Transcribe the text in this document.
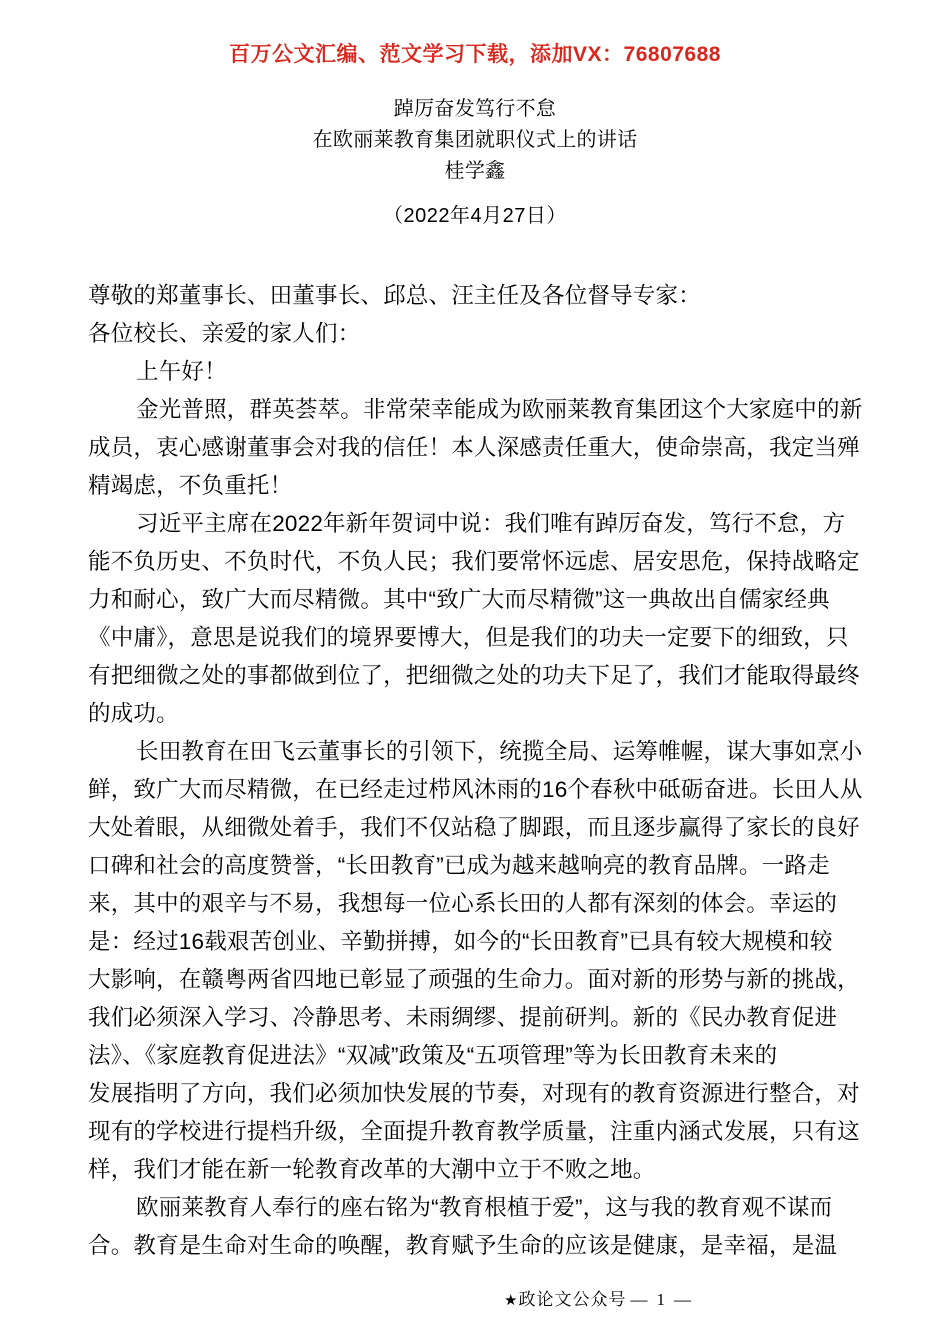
百万公文汇编、范文学习下载，添加VX：76807688
踔厉奋发笃行不怠
在欧丽莱教育集团就职仪式上的讲话
桂学鑫
（2022年4月27日）
尊敬的郑董事长、田董事长、邱总、汪主任及各位督导专家：
各位校长、亲爱的家人们：
上午好！
金光普照，群英荟萃。非常荣幸能成为欧丽莱教育集团这个大家庭中的新
成员，衷心感谢董事会对我的信任！本人深感责任重大，使命崇高，我定当殚
精竭虑，不负重托！
习近平主席在2022年新年贺词中说：我们唯有踔厉奋发，笃行不怠，方
能不负历史、不负时代，不负人民；我们要常怀远虑、居安思危，保持战略定
力和耐心，致广大而尽精微。其中“致广大而尽精微”这一典故出自儒家经典
《中庸》，意思是说我们的境界要博大，但是我们的功夫一定要下的细致，只
有把细微之处的事都做到位了，把细微之处的功夫下足了，我们才能取得最终
的成功。
长田教育在田飞云董事长的引领下，统揽全局、运筹帷幄，谋大事如烹小
鲜，致广大而尽精微，在已经走过栉风沐雨的16个春秋中砥砺奋进。长田人从
大处着眼，从细微处着手，我们不仅站稳了脚跟，而且逐步赢得了家长的良好
口碑和社会的高度赞誉，“长田教育”已成为越来越响亮的教育品牌。一路走
来，其中的艰辛与不易，我想每一位心系长田的人都有深刻的体会。幸运的
是：经过16载艰苦创业、辛勤拼搏，如今的“长田教育”已具有较大规模和较
大影响，在赣粤两省四地已彰显了顽强的生命力。面对新的形势与新的挑战，
我们必须深入学习、冷静思考、未雨绸缪、提前研判。新的《民办教育促进
法》、《家庭教育促进法》“双减”政策及“五项管理”等为长田教育未来的
发展指明了方向，我们必须加快发展的节奏，对现有的教育资源进行整合，对
现有的学校进行提档升级，全面提升教育教学质量，注重内涵式发展，只有这
样，我们才能在新一轮教育改革的大潮中立于不败之地。
欧丽莱教育人奉行的座右铭为“教育根植于爱”，这与我的教育观不谋而
合。教育是生命对生命的唤醒，教育赋予生命的应该是健康，是幸福，是温
★政论文公众号 — 1 —
